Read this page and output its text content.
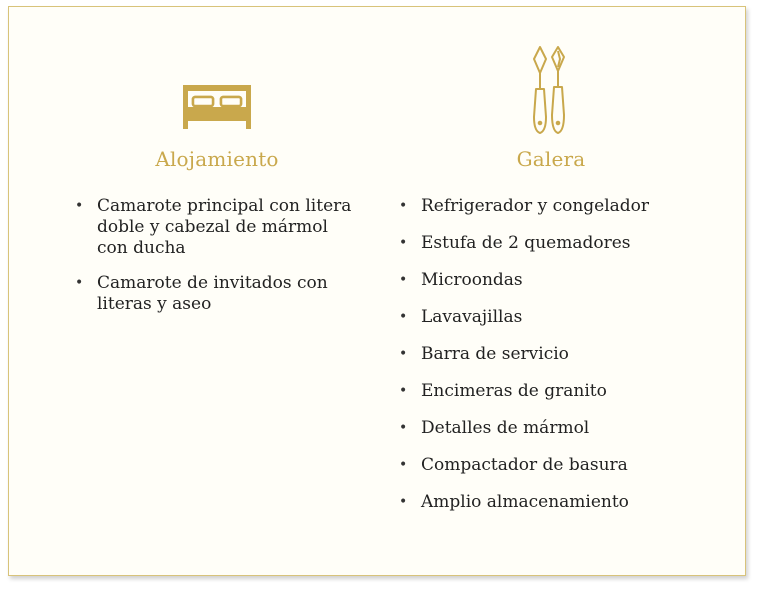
Alojamiento
• Camarote principal con litera doble y cabezal de mármol con ducha
• Camarote de invitados con literas y aseo
Galera
• Refrigerador y congelador
• Estufa de 2 quemadores
• Microondas
• Lavavajillas
• Barra de servicio
• Encimeras de granito
• Detalles de mármol
• Compactador de basura
• Amplio almacenamiento
